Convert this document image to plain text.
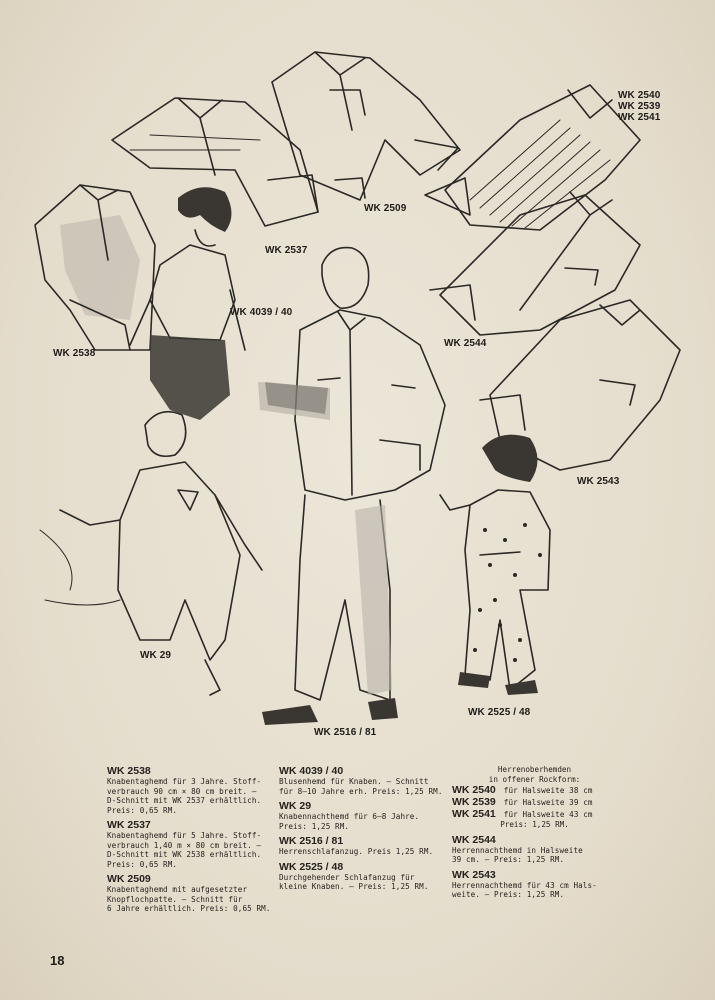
WK 2509
WK 2537
WK 2538
WK 4039 / 40
WK 2540
WK 2539
WK 2541
WK 2544
WK 2543
WK 29
WK 2516 / 81
WK 2525 / 48
WK 2538
Knabentaghemd für 3 Jahre. Stoff-
verbrauch 90 cm × 80 cm breit. —
D-Schnitt mit WK 2537 erhältlich.
Preis: 0,65 RM.
WK 2537
Knabentaghemd für 5 Jahre. Stoff-
verbrauch 1,40 m × 80 cm breit. —
D-Schnitt mit WK 2538 erhältlich.
Preis: 0,65 RM.
WK 2509
Knabentaghemd mit aufgesetzter
Knopflochpatte. — Schnitt für
6 Jahre erhältlich. Preis: 0,65 RM.
WK 4039 / 40
Blusenhemd für Knaben. — Schnitt
für 8—10 Jahre erh. Preis: 1,25 RM.
WK 29
Knabennachthemd für 6—8 Jahre.
Preis: 1,25 RM.
WK 2516 / 81
Herrenschlafanzug. Preis 1,25 RM.
WK 2525 / 48
Durchgehender Schlafanzug für
kleine Knaben. — Preis: 1,25 RM.
Herrenoberhemden
in offener Rockform:
WK 2540 für Halsweite 38 cm
WK 2539 für Halsweite 39 cm
WK 2541 für Halsweite 43 cm
Preis: 1,25 RM.
WK 2544
Herrennachthemd in Halsweite
39 cm. — Preis: 1,25 RM.
WK 2543
Herrennachthemd für 43 cm Hals-
weite. — Preis: 1,25 RM.
18
